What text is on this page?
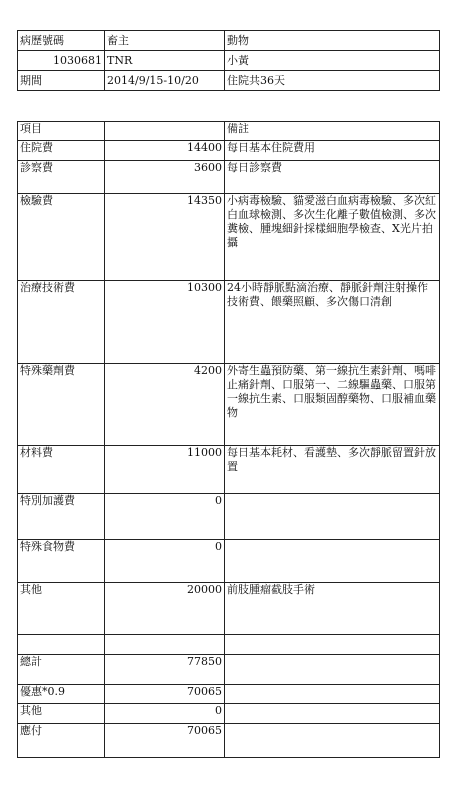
病歷號碼	畜主	動物
1030681	TNR	小黃
期間	2014/9/15-10/20	住院共36天
項目		備註
住院費	14400	每日基本住院費用
診察費	3600	每日診察費
檢驗費	14350	小病毒檢驗、貓愛滋白血病毒檢驗、多次紅白血球檢測、多次生化離子數值檢測、多次糞檢、腫塊細針採樣細胞學檢查、X光片拍攝
治療技術費	10300	24小時靜脈點滴治療、靜脈針劑注射操作技術費、餵藥照顧、多次傷口清創
特殊藥劑費	4200	外寄生蟲預防藥、第一線抗生素針劑、嗎啡止痛針劑、口服第一、二線驅蟲藥、口服第一線抗生素、口服類固醇藥物、口服補血藥物
材料費	11000	每日基本耗材、看護墊、多次靜脈留置針放置
特別加護費	0	
特殊食物費	0	
其他	20000	前肢腫瘤截肢手術

總計	77850	
優惠*0.9	70065	
其他	0	
應付	70065	
